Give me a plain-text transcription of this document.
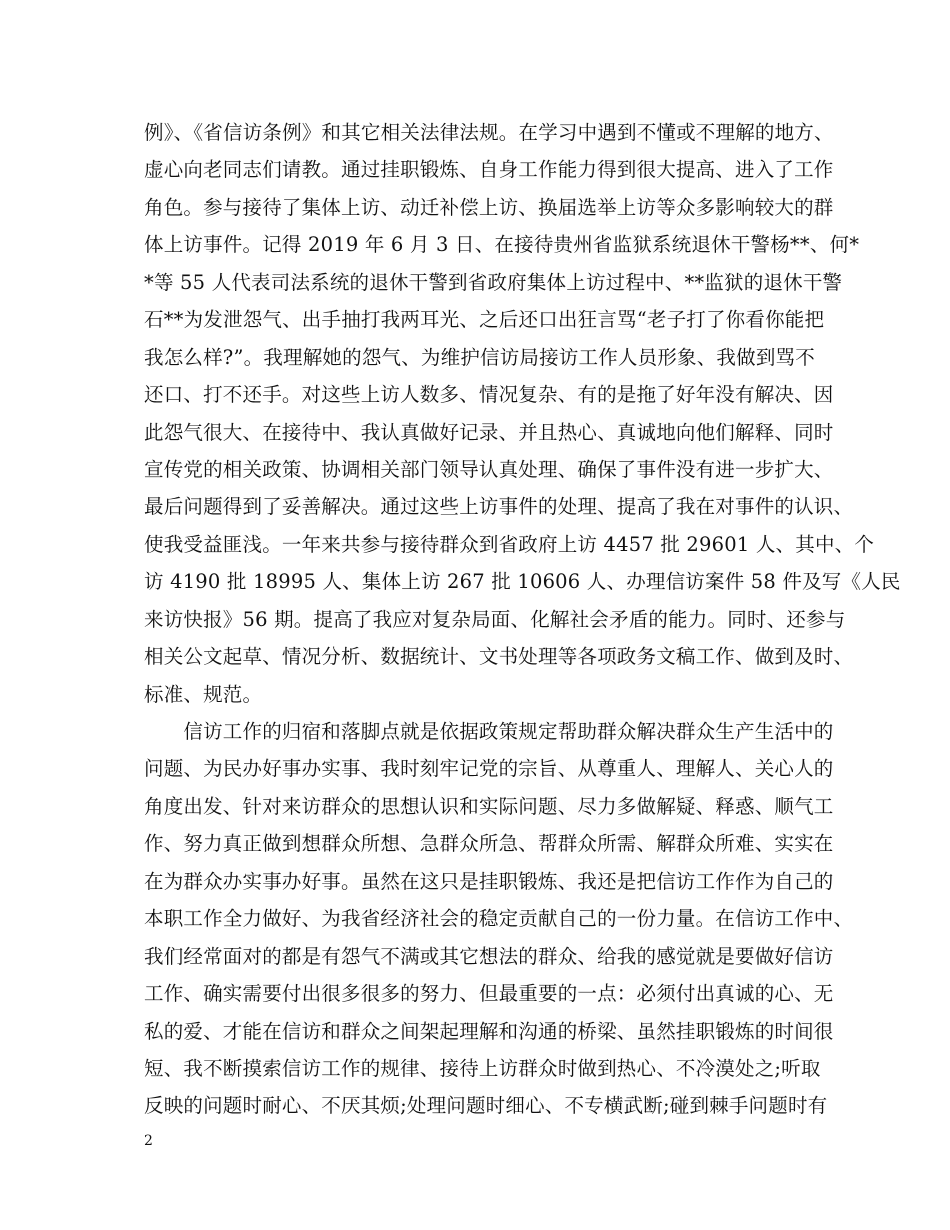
例》、《省信访条例》和其它相关法律法规。在学习中遇到不懂或不理解的地方、
虚心向老同志们请教。通过挂职锻炼、自身工作能力得到很大提高、进入了工作
角色。参与接待了集体上访、动迁补偿上访、换届选举上访等众多影响较大的群
体上访事件。记得 2019 年 6 月 3 日、在接待贵州省监狱系统退休干警杨**、何*
*等 55 人代表司法系统的退休干警到省政府集体上访过程中、**监狱的退休干警
石**为发泄怨气、出手抽打我两耳光、之后还口出狂言骂“老子打了你看你能把
我怎么样?”。我理解她的怨气、为维护信访局接访工作人员形象、我做到骂不
还口、打不还手。对这些上访人数多、情况复杂、有的是拖了好年没有解决、因
此怨气很大、在接待中、我认真做好记录、并且热心、真诚地向他们解释、同时
宣传党的相关政策、协调相关部门领导认真处理、确保了事件没有进一步扩大、
最后问题得到了妥善解决。通过这些上访事件的处理、提高了我在对事件的认识、
使我受益匪浅。一年来共参与接待群众到省政府上访 4457 批 29601 人、其中、个
访 4190 批 18995 人、集体上访 267 批 10606 人、办理信访案件 58 件及写《人民
来访快报》56 期。提高了我应对复杂局面、化解社会矛盾的能力。同时、还参与
相关公文起草、情况分析、数据统计、文书处理等各项政务文稿工作、做到及时、
标准、规范。
　　信访工作的归宿和落脚点就是依据政策规定帮助群众解决群众生产生活中的
问题、为民办好事办实事、我时刻牢记党的宗旨、从尊重人、理解人、关心人的
角度出发、针对来访群众的思想认识和实际问题、尽力多做解疑、释惑、顺气工
作、努力真正做到想群众所想、急群众所急、帮群众所需、解群众所难、实实在
在为群众办实事办好事。虽然在这只是挂职锻炼、我还是把信访工作作为自己的
本职工作全力做好、为我省经济社会的稳定贡献自己的一份力量。在信访工作中、
我们经常面对的都是有怨气不满或其它想法的群众、给我的感觉就是要做好信访
工作、确实需要付出很多很多的努力、但最重要的一点：必须付出真诚的心、无
私的爱、才能在信访和群众之间架起理解和沟通的桥梁、虽然挂职锻炼的时间很
短、我不断摸索信访工作的规律、接待上访群众时做到热心、不冷漠处之;听取
反映的问题时耐心、不厌其烦;处理问题时细心、不专横武断;碰到棘手问题时有
2
